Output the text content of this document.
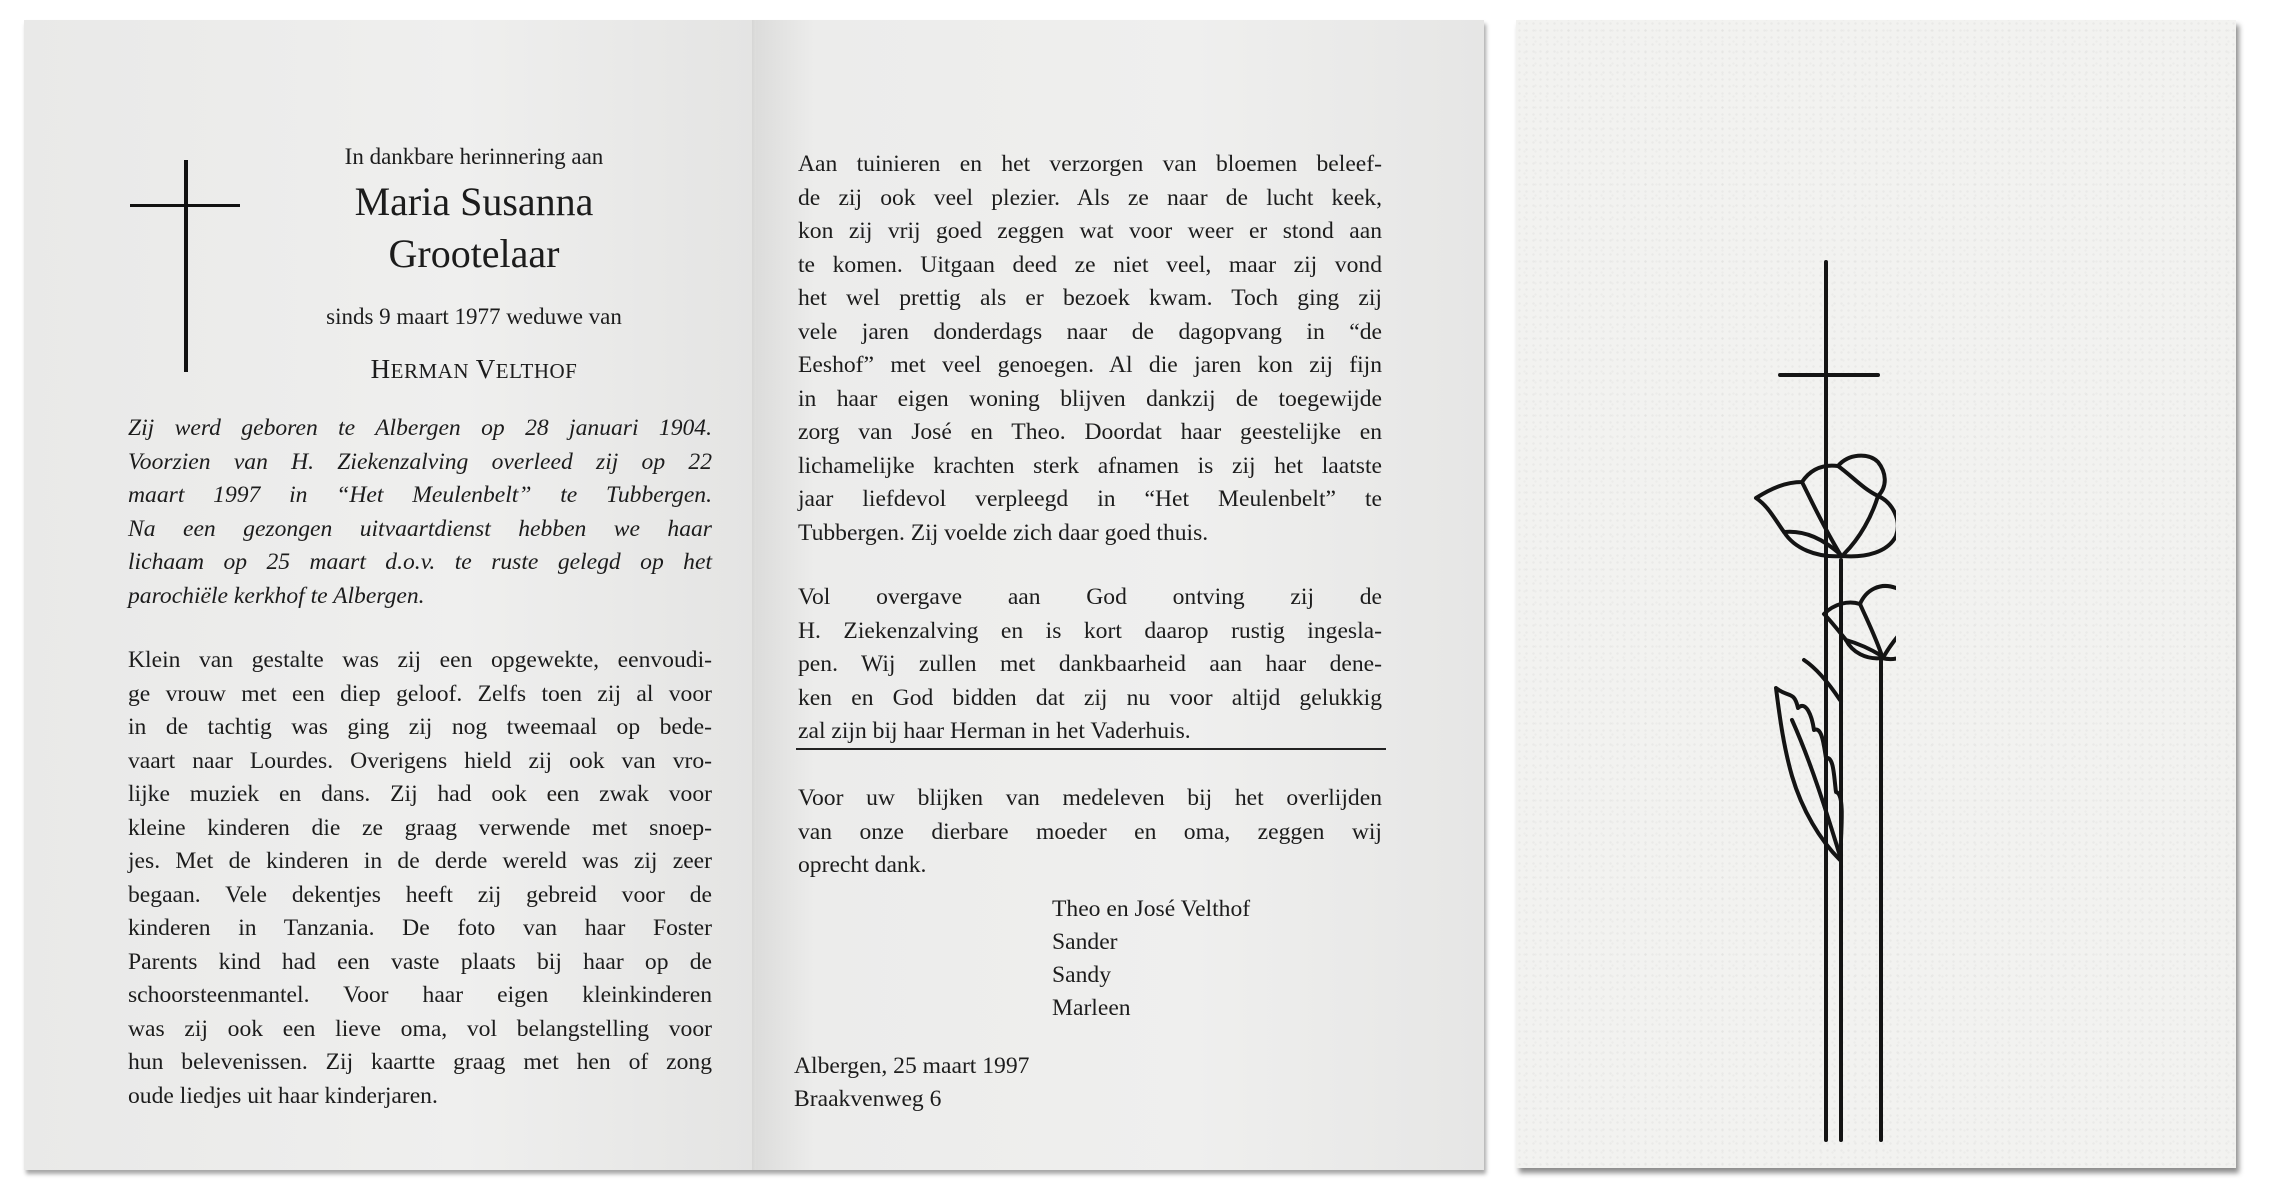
In dankbare herinnering aan
Maria Susanna
Grootelaar
sinds 9 maart 1977 weduwe van
HERMAN VELTHOF
Zij werd geboren te Albergen op 28 januari 1904.
Voorzien van H. Ziekenzalving overleed zij op 22
maart 1997 in “Het Meulenbelt” te Tubbergen.
Na een gezongen uitvaartdienst hebben we haar
lichaam op 25 maart d.o.v. te ruste gelegd op het
parochiële kerkhof te Albergen.
Klein van gestalte was zij een opgewekte, eenvoudi-
ge vrouw met een diep geloof. Zelfs toen zij al voor
in de tachtig was ging zij nog tweemaal op bede-
vaart naar Lourdes. Overigens hield zij ook van vro-
lijke muziek en dans. Zij had ook een zwak voor
kleine kinderen die ze graag verwende met snoep-
jes. Met de kinderen in de derde wereld was zij zeer
begaan. Vele dekentjes heeft zij gebreid voor de
kinderen in Tanzania. De foto van haar Foster
Parents kind had een vaste plaats bij haar op de
schoorsteenmantel. Voor haar eigen kleinkinderen
was zij ook een lieve oma, vol belangstelling voor
hun belevenissen. Zij kaartte graag met hen of zong
oude liedjes uit haar kinderjaren.
Aan tuinieren en het verzorgen van bloemen beleef-
de zij ook veel plezier. Als ze naar de lucht keek,
kon zij vrij goed zeggen wat voor weer er stond aan
te komen. Uitgaan deed ze niet veel, maar zij vond
het wel prettig als er bezoek kwam. Toch ging zij
vele jaren donderdags naar de dagopvang in “de
Eeshof” met veel genoegen. Al die jaren kon zij fijn
in haar eigen woning blijven dankzij de toegewijde
zorg van José en Theo. Doordat haar geestelijke en
lichamelijke krachten sterk afnamen is zij het laatste
jaar liefdevol verpleegd in “Het Meulenbelt” te
Tubbergen. Zij voelde zich daar goed thuis.
Vol overgave aan God ontving zij de
H. Ziekenzalving en is kort daarop rustig ingesla-
pen. Wij zullen met dankbaarheid aan haar dene-
ken en God bidden dat zij nu voor altijd gelukkig
zal zijn bij haar Herman in het Vaderhuis.
Voor uw blijken van medeleven bij het overlijden
van onze dierbare moeder en oma, zeggen wij
oprecht dank.
Theo en José Velthof
Sander
Sandy
Marleen
Albergen, 25 maart 1997
Braakvenweg 6
